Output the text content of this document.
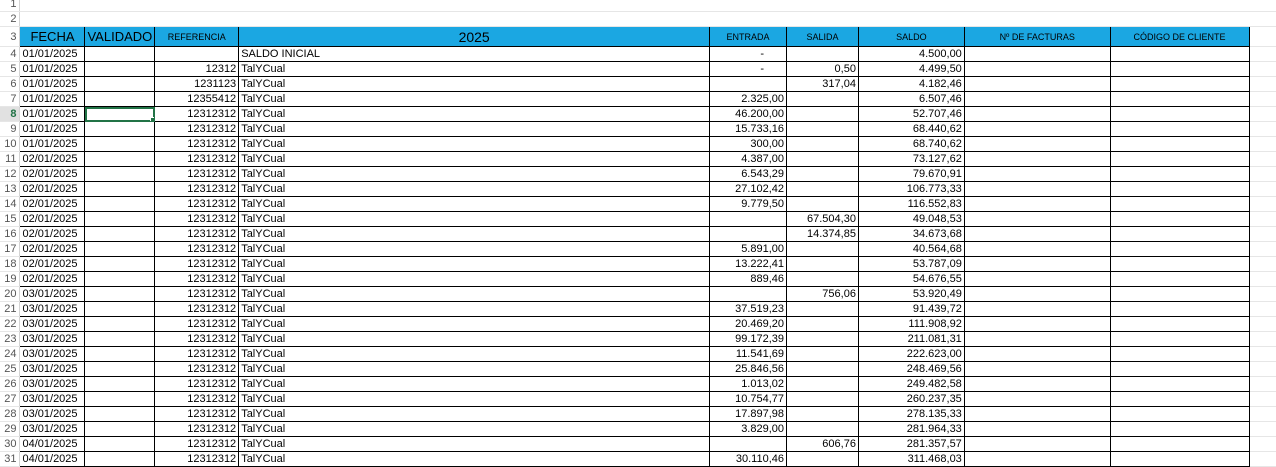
1										
2										
3	FECHA	VALIDADO	REFERENCIA	2025	ENTRADA	SALIDA	SALDO	Nº DE FACTURAS	CÓDIGO DE CLIENTE	
4	01/01/2025			SALDO INICIAL	-		4.500,00			
5	01/01/2025		12312	TalYCual	-	0,50	4.499,50			
6	01/01/2025		1231123	TalYCual		317,04	4.182,46			
7	01/01/2025		12355412	TalYCual	2.325,00		6.507,46			
8	01/01/2025		12312312	TalYCual	46.200,00		52.707,46			
9	01/01/2025		12312312	TalYCual	15.733,16		68.440,62			
10	01/01/2025		12312312	TalYCual	300,00		68.740,62			
11	02/01/2025		12312312	TalYCual	4.387,00		73.127,62			
12	02/01/2025		12312312	TalYCual	6.543,29		79.670,91			
13	02/01/2025		12312312	TalYCual	27.102,42		106.773,33			
14	02/01/2025		12312312	TalYCual	9.779,50		116.552,83			
15	02/01/2025		12312312	TalYCual		67.504,30	49.048,53			
16	02/01/2025		12312312	TalYCual		14.374,85	34.673,68			
17	02/01/2025		12312312	TalYCual	5.891,00		40.564,68			
18	02/01/2025		12312312	TalYCual	13.222,41		53.787,09			
19	02/01/2025		12312312	TalYCual	889,46		54.676,55			
20	03/01/2025		12312312	TalYCual		756,06	53.920,49			
21	03/01/2025		12312312	TalYCual	37.519,23		91.439,72			
22	03/01/2025		12312312	TalYCual	20.469,20		111.908,92			
23	03/01/2025		12312312	TalYCual	99.172,39		211.081,31			
24	03/01/2025		12312312	TalYCual	11.541,69		222.623,00			
25	03/01/2025		12312312	TalYCual	25.846,56		248.469,56			
26	03/01/2025		12312312	TalYCual	1.013,02		249.482,58			
27	03/01/2025		12312312	TalYCual	10.754,77		260.237,35			
28	03/01/2025		12312312	TalYCual	17.897,98		278.135,33			
29	03/01/2025		12312312	TalYCual	3.829,00		281.964,33			
30	04/01/2025		12312312	TalYCual		606,76	281.357,57			
31	04/01/2025		12312312	TalYCual	30.110,46		311.468,03			
